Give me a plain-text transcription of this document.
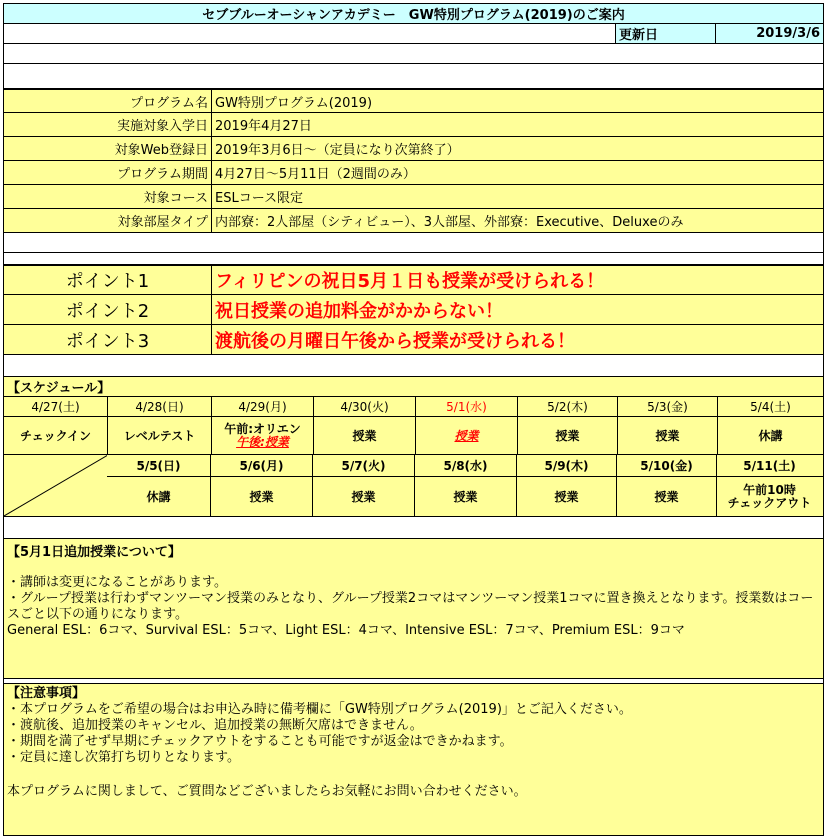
セブブルーオーシャンアカデミー　GW特別プログラム(2019)のご案内
更新日	2019/3/6
プログラム名 GW特別プログラム(2019)
実施対象入学日 2019年4月27日
対象Web登録日 2019年3月6日～（定員になり次第終了）
プログラム期間 4月27日～5月11日（2週間のみ）
対象コース ESLコース限定
対象部屋タイプ 内部寮：2人部屋（シティビュー）、3人部屋、外部寮：Executive、Deluxeのみ
ポイント1	フィリピンの祝日5月１日も授業が受けられる！
ポイント2	祝日授業の追加料金がかからない！
ポイント3	渡航後の月曜日午後から授業が受けられる！
【スケジュール】
4/27(土)	4/28(日)	4/29(月)	4/30(火)	5/1(水)	5/2(木)	5/3(金)	5/4(土)
チェックイン	レベルテスト
午前:オリエン
午後:授業	授業	授業	授業	授業	休講
5/5(日)	5/6(月)	5/7(火)	5/8(水)	5/9(木)	5/10(金)	5/11(土)
休講	授業	授業	授業	授業	授業
午前10時
チェックアウト
【5月1日追加授業について】
・講師は変更になることがあります。
・グループ授業は行わずマンツーマン授業のみとなり、グループ授業2コマはマンツーマン授業1コマに置き換えとなります。授業数はコースごと以下の通りになります。
General ESL：6コマ、Survival ESL：5コマ、Light ESL：4コマ、Intensive ESL：7コマ、Premium ESL：9コマ
【注意事項】
・本プログラムをご希望の場合はお申込み時に備考欄に「GW特別プログラム(2019)」とご記入ください。
・渡航後、追加授業のキャンセル、追加授業の無断欠席はできません。
・期間を満了せず早期にチェックアウトをすることも可能ですが返金はできかねます。
・定員に達し次第打ち切りとなります。
本プログラムに関しまして、ご質問などございましたらお気軽にお問い合わせください。
